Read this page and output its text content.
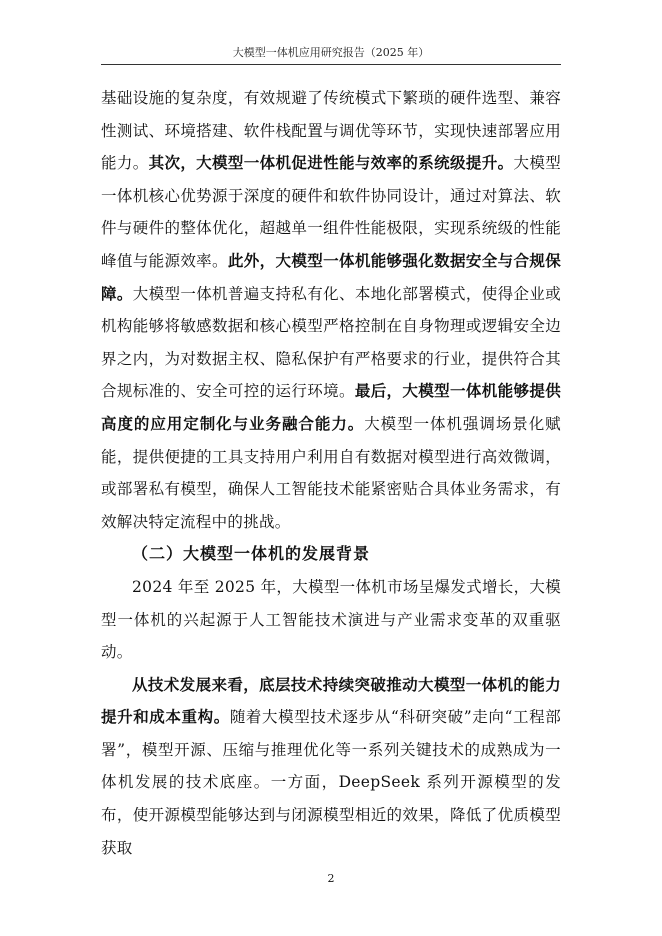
大模型一体机应用研究报告（2025 年）

基础设施的复杂度，有效规避了传统模式下繁琐的硬件选型、兼容性测试、环境搭建、软件栈配置与调优等环节，实现快速部署应用能力。其次，大模型一体机促进性能与效率的系统级提升。大模型一体机核心优势源于深度的硬件和软件协同设计，通过对算法、软件与硬件的整体优化，超越单一组件性能极限，实现系统级的性能峰值与能源效率。此外，大模型一体机能够强化数据安全与合规保障。大模型一体机普遍支持私有化、本地化部署模式，使得企业或机构能够将敏感数据和核心模型严格控制在自身物理或逻辑安全边界之内，为对数据主权、隐私保护有严格要求的行业，提供符合其合规标准的、安全可控的运行环境。最后，大模型一体机能够提供高度的应用定制化与业务融合能力。大模型一体机强调场景化赋能，提供便捷的工具支持用户利用自有数据对模型进行高效微调，或部署私有模型，确保人工智能技术能紧密贴合具体业务需求，有效解决特定流程中的挑战。

（二）大模型一体机的发展背景

2024 年至 2025 年，大模型一体机市场呈爆发式增长，大模型一体机的兴起源于人工智能技术演进与产业需求变革的双重驱动。

从技术发展来看，底层技术持续突破推动大模型一体机的能力提升和成本重构。随着大模型技术逐步从“科研突破”走向“工程部署”，模型开源、压缩与推理优化等一系列关键技术的成熟成为一体机发展的技术底座。一方面，DeepSeek 系列开源模型的发布，使开源模型能够达到与闭源模型相近的效果，降低了优质模型获取

2
